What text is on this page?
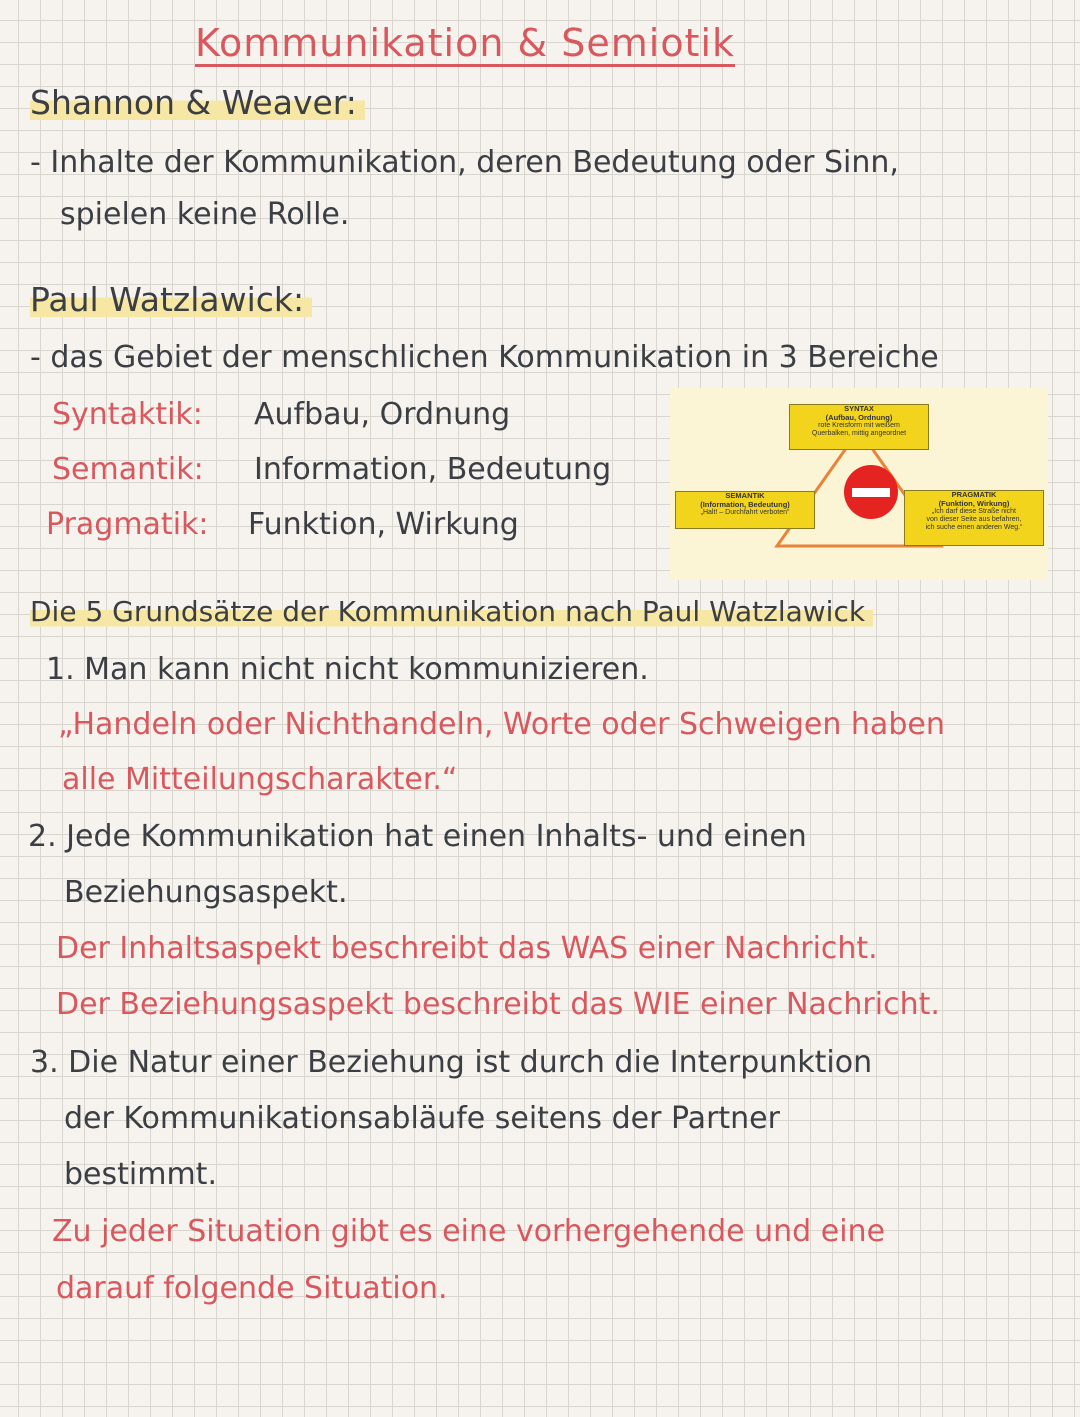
Kommunikation & Semiotik
Shannon & Weaver:
- Inhalte der Kommunikation, deren Bedeutung oder Sinn,
spielen keine Rolle.
Paul Watzlawick:
- das Gebiet der menschlichen Kommunikation in 3 Bereiche
Syntaktik: Aufbau, Ordnung
Semantik: Information, Bedeutung
Pragmatik: Funktion, Wirkung
SYNTAX
(Aufbau, Ordnung)
rote Kreisform mit weißem
Querbalken, mittig angeordnet
SEMANTIK
(Information, Bedeutung)
„Halt! – Durchfahrt verboten“
PRAGMATIK
(Funktion, Wirkung)
„Ich darf diese Straße nicht
von dieser Seite aus befahren,
ich suche einen anderen Weg.“
Die 5 Grundsätze der Kommunikation nach Paul Watzlawick
1. Man kann nicht nicht kommunizieren.
„Handeln oder Nichthandeln, Worte oder Schweigen haben
alle Mitteilungscharakter.“
2. Jede Kommunikation hat einen Inhalts- und einen
Beziehungsaspekt.
Der Inhaltsaspekt beschreibt das WAS einer Nachricht.
Der Beziehungsaspekt beschreibt das WIE einer Nachricht.
3. Die Natur einer Beziehung ist durch die Interpunktion
der Kommunikationsabläufe seitens der Partner
bestimmt.
Zu jeder Situation gibt es eine vorhergehende und eine
darauf folgende Situation.
